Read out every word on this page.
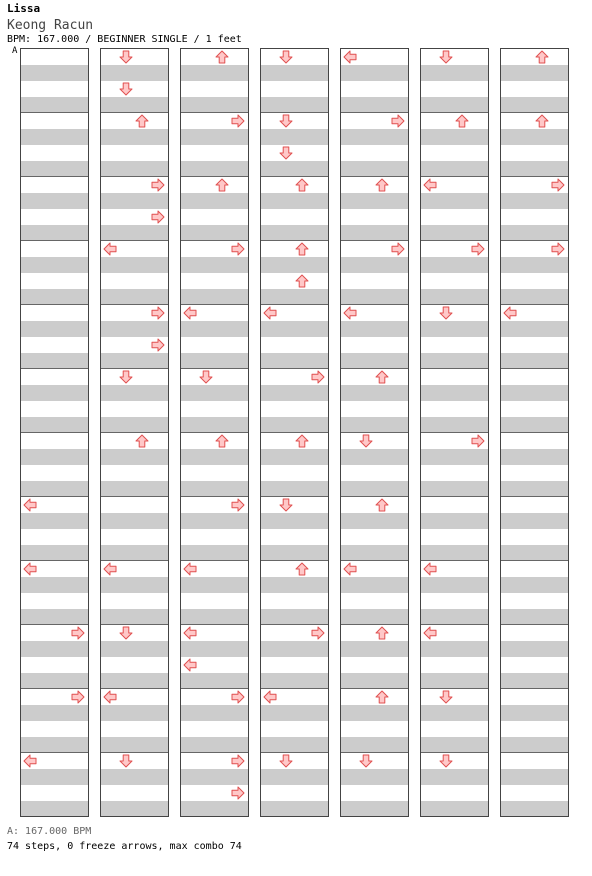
Lissa
Keong Racun
BPM: 167.000 / BEGINNER SINGLE / 1 feet
A
A: 167.000 BPM
74 steps, 0 freeze arrows, max combo 74
